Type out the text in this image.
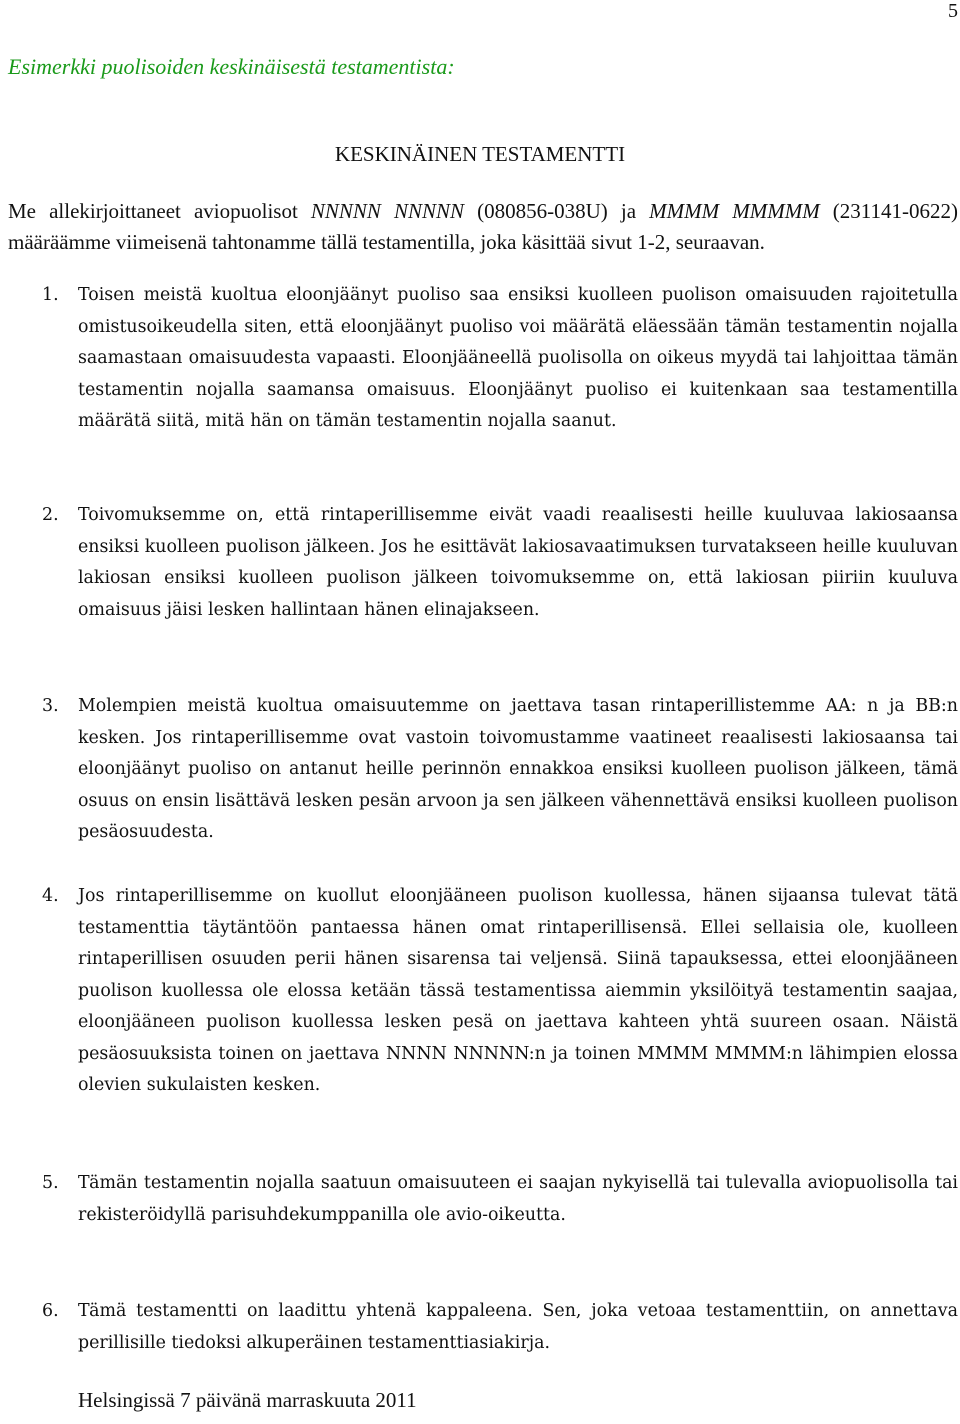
5
Esimerkki puolisoiden keskinäisestä testamentista:
KESKINÄINEN TESTAMENTTI
Me allekirjoittaneet aviopuolisot NNNNN NNNNN (080856-038U) ja MMMM MMMMM (231141-0622) määräämme viimeisenä tahtonamme tällä testamentilla, joka käsittää sivut 1-2, seuraavan.
1. Toisen meistä kuoltua eloonjäänyt puoliso saa ensiksi kuolleen puolison omaisuuden rajoitetulla omistusoikeudella siten, että eloonjäänyt puoliso voi määrätä eläessään tämän testamentin nojalla saamastaan omaisuudesta vapaasti. Eloonjääneellä puolisolla on oikeus myydä tai lahjoittaa tämän testamentin nojalla saamansa omaisuus. Eloonjäänyt puoliso ei kuitenkaan saa testamentilla määrätä siitä, mitä hän on tämän testamentin nojalla saanut.
2. Toivomuksemme on, että rintaperillisemme eivät vaadi reaalisesti heille kuuluvaa lakiosaansa ensiksi kuolleen puolison jälkeen. Jos he esittävät lakiosavaatimuksen turvatakseen heille kuuluvan lakiosan ensiksi kuolleen puolison jälkeen toivomuksemme on, että lakiosan piiriin kuuluva omaisuus jäisi lesken hallintaan hänen elinajakseen.
3. Molempien meistä kuoltua omaisuutemme on jaettava tasan rintaperillistemme AA: n ja BB:n kesken. Jos rintaperillisemme ovat vastoin toivomustamme vaatineet reaalisesti lakiosaansa tai eloonjäänyt puoliso on antanut heille perinnön ennakkoa ensiksi kuolleen puolison jälkeen, tämä osuus on ensin lisättävä lesken pesän arvoon ja sen jälkeen vähennettävä ensiksi kuolleen puolison pesäosuudesta.
4. Jos rintaperillisemme on kuollut eloonjääneen puolison kuollessa, hänen sijaansa tulevat tätä testamenttia täytäntöön pantaessa hänen omat rintaperillisensä. Ellei sellaisia ole, kuolleen rintaperillisen osuuden perii hänen sisarensa tai veljensä. Siinä tapauksessa, ettei eloonjääneen puolison kuollessa ole elossa ketään tässä testamentissa aiemmin yksilöityä testamentin saajaa, eloonjääneen puolison kuollessa lesken pesä on jaettava kahteen yhtä suureen osaan. Näistä pesäosuuksista toinen on jaettava NNNN NNNNN:n ja toinen MMMM MMMM:n lähimpien elossa olevien sukulaisten kesken.
5. Tämän testamentin nojalla saatuun omaisuuteen ei saajan nykyisellä tai tulevalla aviopuolisolla tai rekisteröidyllä parisuhdekumppanilla ole avio-oikeutta.
6. Tämä testamentti on laadittu yhtenä kappaleena. Sen, joka vetoaa testamenttiin, on annettava perillisille tiedoksi alkuperäinen testamenttiasiakirja.
Helsingissä 7 päivänä marraskuuta 2011
